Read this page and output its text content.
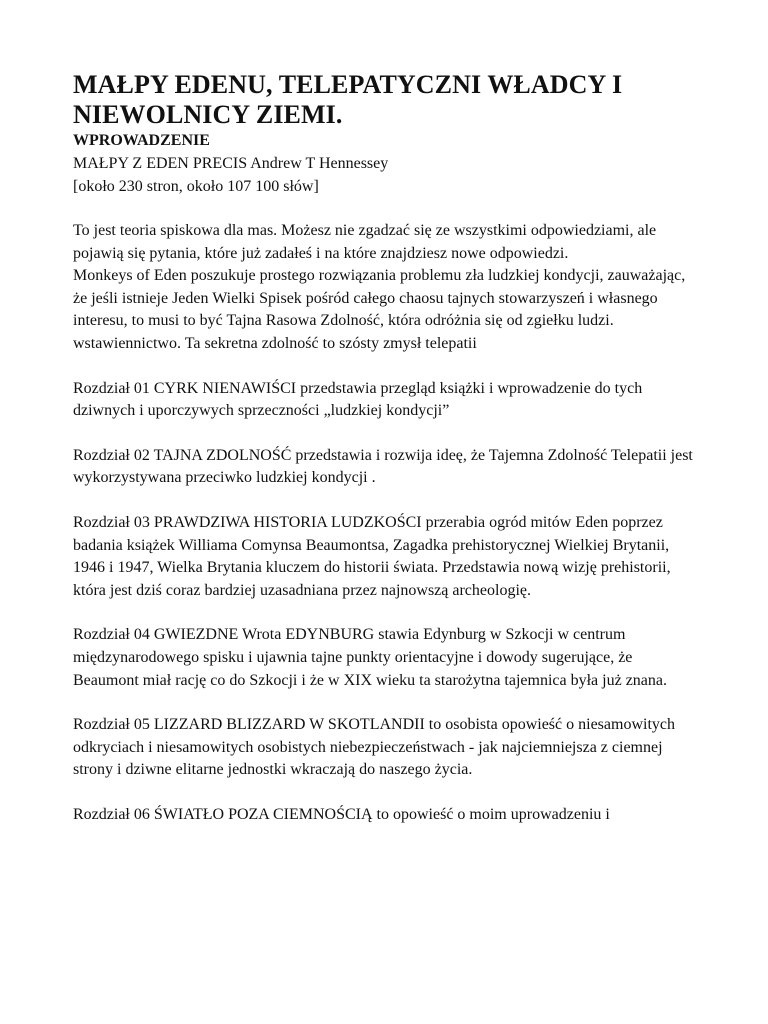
MAŁPY EDENU, TELEPATYCZNI WŁADCY I NIEWOLNICY ZIEMI.

WPROWADZENIE

MAŁPY Z EDEN PRECIS Andrew T Hennessey

[około 230 stron, około 107 100 słów]

To jest teoria spiskowa dla mas. Możesz nie zgadzać się ze wszystkimi odpowiedziami, ale pojawią się pytania, które już zadałeś i na które znajdziesz nowe odpowiedzi.

Monkeys of Eden poszukuje prostego rozwiązania problemu zła ludzkiej kondycji, zauważając, że jeśli istnieje Jeden Wielki Spisek pośród całego chaosu tajnych stowarzyszeń i własnego interesu, to musi to być Tajna Rasowa Zdolność, która odróżnia się od zgiełku ludzi. wstawiennictwo. Ta sekretna zdolność to szósty zmysł telepatii

Rozdział 01 CYRK NIENAWIŚCI przedstawia przegląd książki i wprowadzenie do tych dziwnych i uporczywych sprzeczności „ludzkiej kondycji”

Rozdział 02 TAJNA ZDOLNOŚĆ przedstawia i rozwija ideę, że Tajemna Zdolność Telepatii jest wykorzystywana przeciwko ludzkiej kondycji .

Rozdział 03 PRAWDZIWA HISTORIA LUDZKOŚCI przerabia ogród mitów Eden poprzez badania książek Williama Comynsa Beaumontsa, Zagadka prehistorycznej Wielkiej Brytanii, 1946 i 1947, Wielka Brytania kluczem do historii świata. Przedstawia nową wizję prehistorii, która jest dziś coraz bardziej uzasadniana przez najnowszą archeologię.

Rozdział 04 GWIEZDNE Wrota EDYNBURG stawia Edynburg w Szkocji w centrum międzynarodowego spisku i ujawnia tajne punkty orientacyjne i dowody sugerujące, że Beaumont miał rację co do Szkocji i że w XIX wieku ta starożytna tajemnica była już znana.

Rozdział 05 LIZZARD BLIZZARD W SKOTLANDII to osobista opowieść o niesamowitych odkryciach i niesamowitych osobistych niebezpieczeństwach - jak najciemniejsza z ciemnej strony i dziwne elitarne jednostki wkraczają do naszego życia.

Rozdział 06 ŚWIATŁO POZA CIEMNOŚCIĄ to opowieść o moim uprowadzeniu i
